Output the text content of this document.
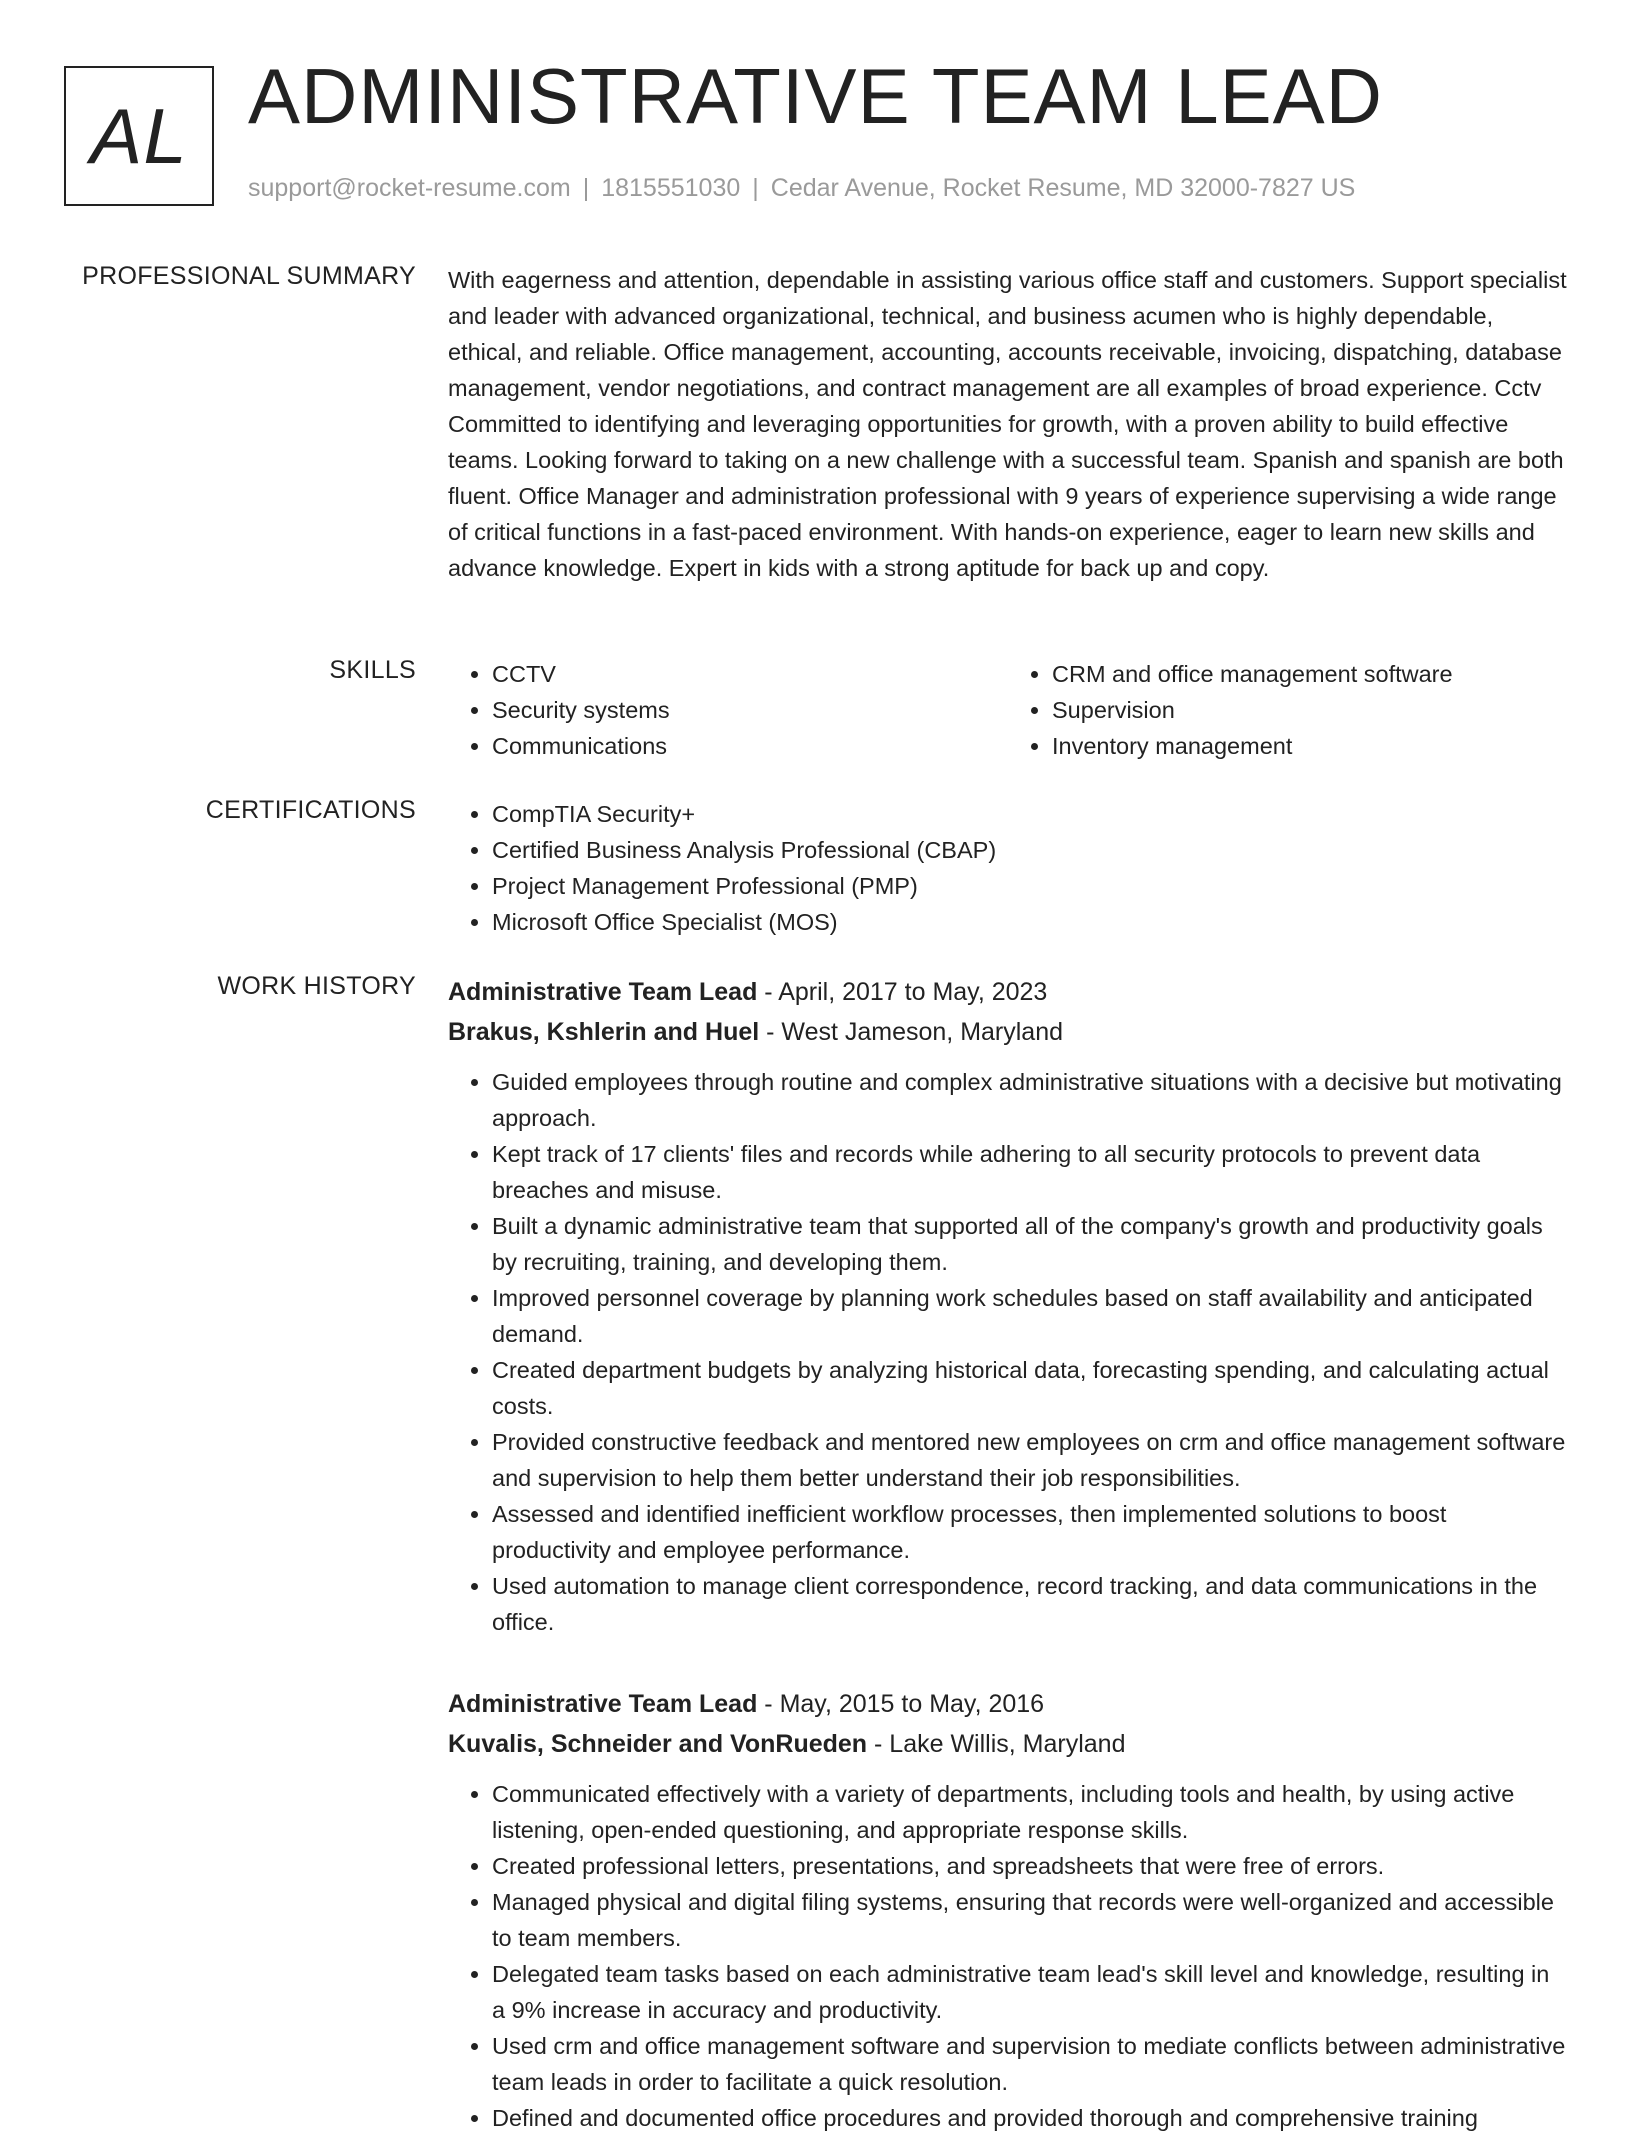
AL ADMINISTRATIVE TEAM LEAD
support@rocket-resume.com | 1815551030 | Cedar Avenue, Rocket Resume, MD 32000-7827 US
PROFESSIONAL SUMMARY With eagerness and attention, dependable in assisting various office staff and customers. Support specialist and leader with advanced organizational, technical, and business acumen who is highly dependable, ethical, and reliable. Office management, accounting, accounts receivable, invoicing, dispatching, database management, vendor negotiations, and contract management are all examples of broad experience. Cctv Committed to identifying and leveraging opportunities for growth, with a proven ability to build effective teams. Looking forward to taking on a new challenge with a successful team. Spanish and spanish are both fluent. Office Manager and administration professional with 9 years of experience supervising a wide range of critical functions in a fast-paced environment. With hands-on experience, eager to learn new skills and advance knowledge. Expert in kids with a strong aptitude for back up and copy.

SKILLS	• CCTV
• Security systems
• Communications
• CRM and office management software
• Supervision
• Inventory management
CERTIFICATIONS	• CompTIA Security+
• Certified Business Analysis Professional (CBAP)
• Project Management Professional (PMP)
• Microsoft Office Specialist (MOS)
WORK HISTORY Administrative Team Lead - April, 2017 to May, 2023
Brakus, Kshlerin and Huel - West Jameson, Maryland
• Guided employees through routine and complex administrative situations with a decisive but motivating approach.
• Kept track of 17 clients' files and records while adhering to all security protocols to prevent data breaches and misuse.
• Built a dynamic administrative team that supported all of the company's growth and productivity goals by recruiting, training, and developing them.
• Improved personnel coverage by planning work schedules based on staff availability and anticipated demand.
• Created department budgets by analyzing historical data, forecasting spending, and calculating actual costs.
• Provided constructive feedback and mentored new employees on crm and office management software and supervision to help them better understand their job responsibilities.
• Assessed and identified inefficient workflow processes, then implemented solutions to boost productivity and employee performance.
• Used automation to manage client correspondence, record tracking, and data communications in the office.
Administrative Team Lead - May, 2015 to May, 2016
Kuvalis, Schneider and VonRueden - Lake Willis, Maryland
• Communicated effectively with a variety of departments, including tools and health, by using active listening, open-ended questioning, and appropriate response skills.
• Created professional letters, presentations, and spreadsheets that were free of errors.
• Managed physical and digital filing systems, ensuring that records were well-organized and accessible to team members.
• Delegated team tasks based on each administrative team lead's skill level and knowledge, resulting in a 9% increase in accuracy and productivity.
• Used crm and office management software and supervision to mediate conflicts between administrative team leads in order to facilitate a quick resolution.
• Defined and documented office procedures and provided thorough and comprehensive training
